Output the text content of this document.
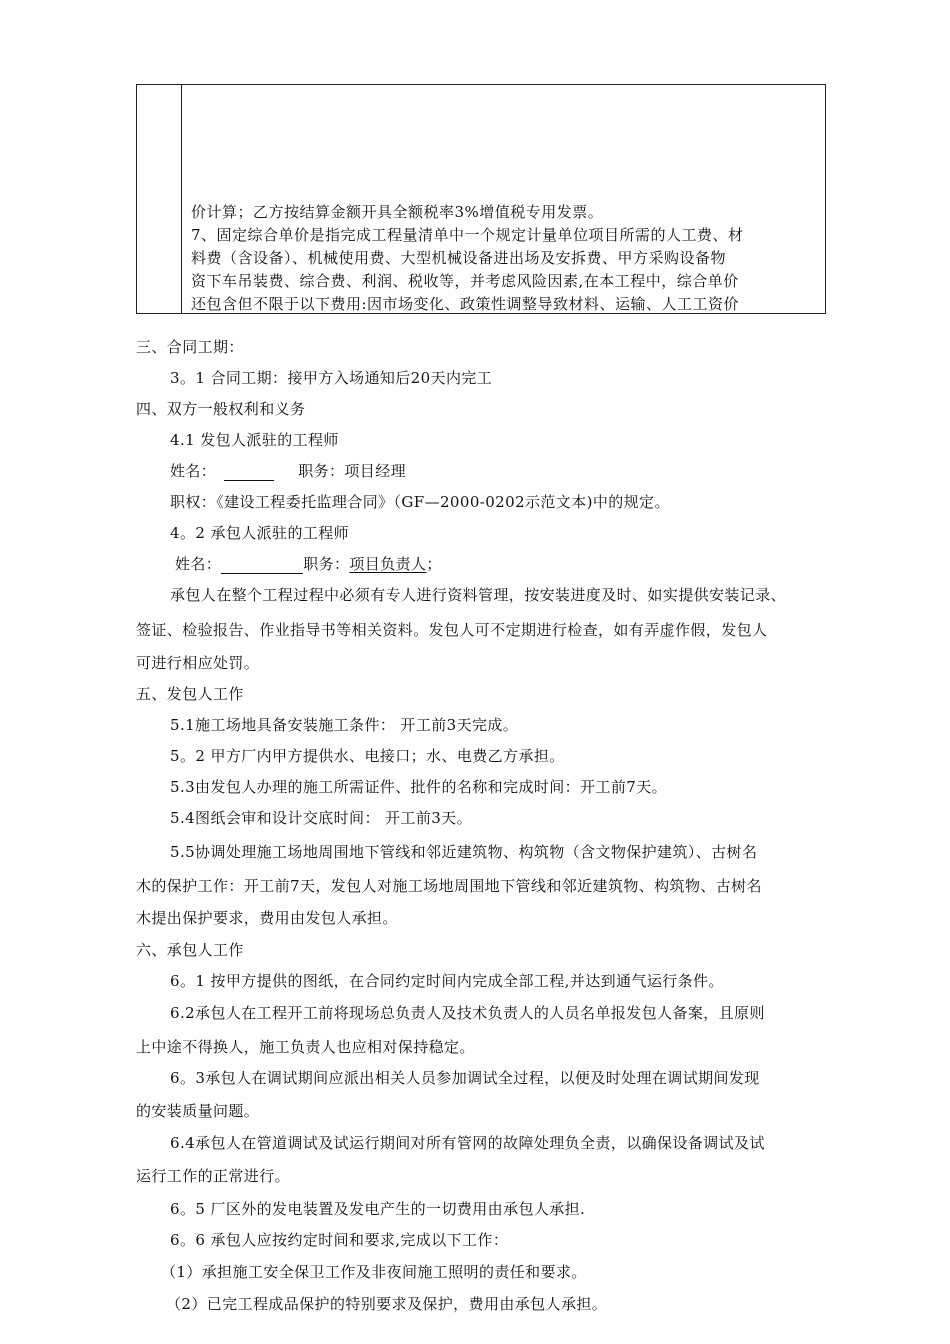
价计算；乙方按结算金额开具全额税率3%增值税专用发票。
7、固定综合单价是指完成工程量清单中一个规定计量单位项目所需的人工费、材
料费（含设备）、机械使用费、大型机械设备进出场及安拆费、甲方采购设备物
资下车吊装费、综合费、利润、税收等，并考虑风险因素,在本工程中，综合单价
还包含但不限于以下费用:因市场变化、政策性调整导致材料、运输、人工工资价
三、合同工期：
3。1 合同工期：接甲方入场通知后20天内完工
四、双方一般权利和义务
4.1 发包人派驻的工程师
姓名：	职务：项目经理
职权：《建设工程委托监理合同》（GF—2000-0202示范文本)中的规定。
4。2 承包人派驻的工程师
姓名：	职务：项目负责人；
承包人在整个工程过程中必须有专人进行资料管理，按安装进度及时、如实提供安装记录、
签证、检验报告、作业指导书等相关资料。发包人可不定期进行检查，如有弄虚作假，发包人
可进行相应处罚。
五、发包人工作
5.1施工场地具备安装施工条件： 开工前3天完成。
5。2 甲方厂内甲方提供水、电接口；水、电费乙方承担。
5.3由发包人办理的施工所需证件、批件的名称和完成时间：开工前7天。
5.4图纸会审和设计交底时间： 开工前3天。
5.5协调处理施工场地周围地下管线和邻近建筑物、构筑物（含文物保护建筑）、古树名
木的保护工作：开工前7天，发包人对施工场地周围地下管线和邻近建筑物、构筑物、古树名
木提出保护要求，费用由发包人承担。
六、承包人工作
6。1 按甲方提供的图纸，在合同约定时间内完成全部工程,并达到通气运行条件。
6.2承包人在工程开工前将现场总负责人及技术负责人的人员名单报发包人备案，且原则
上中途不得换人，施工负责人也应相对保持稳定。
6。3承包人在调试期间应派出相关人员参加调试全过程，以便及时处理在调试期间发现
的安装质量问题。
6.4承包人在管道调试及试运行期间对所有管网的故障处理负全责，以确保设备调试及试
运行工作的正常进行。
6。5 厂区外的发电装置及发电产生的一切费用由承包人承担.
6。6 承包人应按约定时间和要求,完成以下工作：
（1）承担施工安全保卫工作及非夜间施工照明的责任和要求。
（2）已完工程成品保护的特别要求及保护，费用由承包人承担。
